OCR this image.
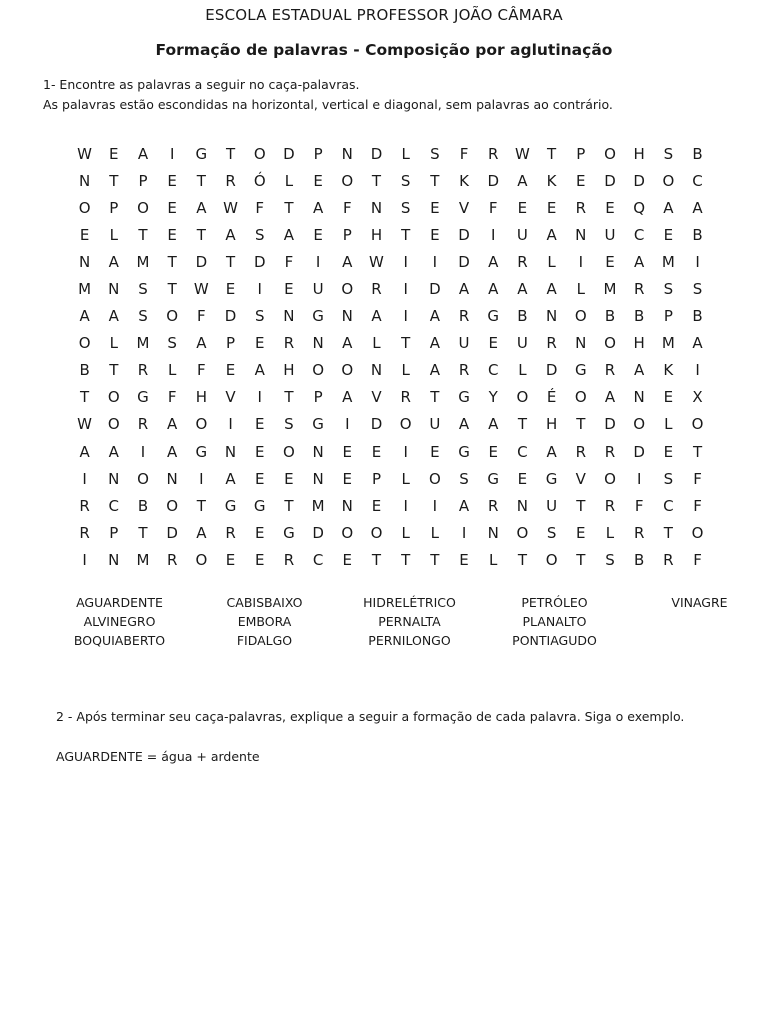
ESCOLA ESTADUAL PROFESSOR JOÃO CÂMARA
Formação de palavras - Composição por aglutinação
1- Encontre as palavras a seguir no caça-palavras.
As palavras estão escondidas na horizontal, vertical e diagonal, sem palavras ao contrário.
W	E	A	I	G	T	O	D	P	N	D	L	S	F	R	W	T	P	O	H	S	B
N	T	P	E	T	R	Ó	L	E	O	T	S	T	K	D	A	K	E	D	D	O	C
O	P	O	E	A	W	F	T	A	F	N	S	E	V	F	E	E	R	E	Q	A	A
E	L	T	E	T	A	S	A	E	P	H	T	E	D	I	U	A	N	U	C	E	B
N	A	M	T	D	T	D	F	I	A	W	I	I	D	A	R	L	I	E	A	M	I
M	N	S	T	W	E	I	E	U	O	R	I	D	A	A	A	A	L	M	R	S	S
A	A	S	O	F	D	S	N	G	N	A	I	A	R	G	B	N	O	B	B	P	B
O	L	M	S	A	P	E	R	N	A	L	T	A	U	E	U	R	N	O	H	M	A
B	T	R	L	F	E	A	H	O	O	N	L	A	R	C	L	D	G	R	A	K	I
T	O	G	F	H	V	I	T	P	A	V	R	T	G	Y	O	É	O	A	N	E	X
W	O	R	A	O	I	E	S	G	I	D	O	U	A	A	T	H	T	D	O	L	O
A	A	I	A	G	N	E	O	N	E	E	I	E	G	E	C	A	R	R	D	E	T
I	N	O	N	I	A	E	E	N	E	P	L	O	S	G	E	G	V	O	I	S	F
R	C	B	O	T	G	G	T	M	N	E	I	I	A	R	N	U	T	R	F	C	F
R	P	T	D	A	R	E	G	D	O	O	L	L	I	N	O	S	E	L	R	T	O
I	N	M	R	O	E	E	R	C	E	T	T	T	E	L	T	O	T	S	B	R	F
AGUARDENTE
ALVINEGRO
BOQUIABERTO
CABISBAIXO
EMBORA
FIDALGO
HIDRELÉTRICO
PERNALTA
PERNILONGO
PETRÓLEO
PLANALTO
PONTIAGUDO
VINAGRE
2 - Após terminar seu caça-palavras, explique a seguir a formação de cada palavra. Siga o exemplo.
AGUARDENTE = água + ardente
